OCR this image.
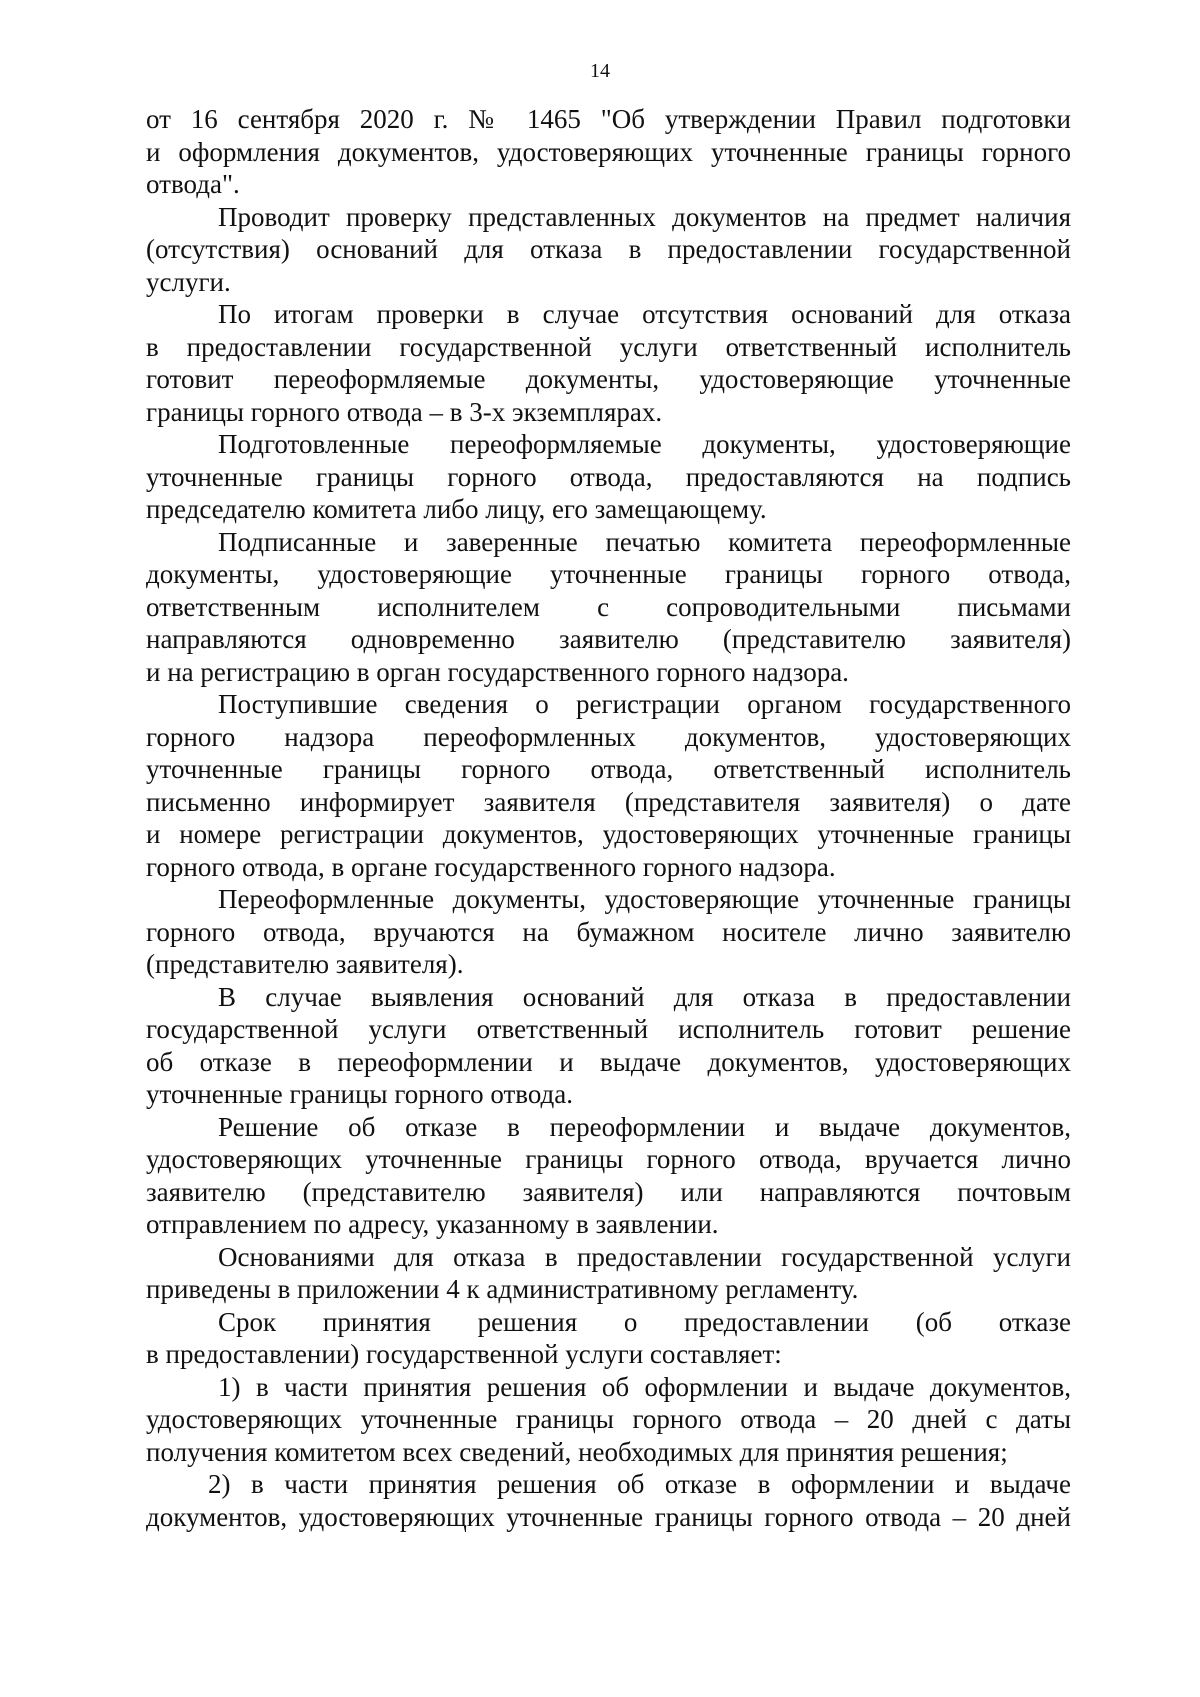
14
от 16 сентября 2020 г. № 1465 "Об утверждении Правил подготовки
и оформления документов, удостоверяющих уточненные границы горного
отвода".
Проводит проверку представленных документов на предмет наличия
(отсутствия) оснований для отказа в предоставлении государственной
услуги.
По итогам проверки в случае отсутствия оснований для отказа
в предоставлении государственной услуги ответственный исполнитель
готовит переоформляемые документы, удостоверяющие уточненные
границы горного отвода – в 3-х экземплярах.
Подготовленные переоформляемые документы, удостоверяющие
уточненные границы горного отвода, предоставляются на подпись
председателю комитета либо лицу, его замещающему.
Подписанные и заверенные печатью комитета переоформленные
документы, удостоверяющие уточненные границы горного отвода,
ответственным исполнителем с сопроводительными письмами
направляются одновременно заявителю (представителю заявителя)
и на регистрацию в орган государственного горного надзора.
Поступившие сведения о регистрации органом государственного
горного надзора переоформленных документов, удостоверяющих
уточненные границы горного отвода, ответственный исполнитель
письменно информирует заявителя (представителя заявителя) о дате
и номере регистрации документов, удостоверяющих уточненные границы
горного отвода, в органе государственного горного надзора.
Переоформленные документы, удостоверяющие уточненные границы
горного отвода, вручаются на бумажном носителе лично заявителю
(представителю заявителя).
В случае выявления оснований для отказа в предоставлении
государственной услуги ответственный исполнитель готовит решение
об отказе в переоформлении и выдаче документов, удостоверяющих
уточненные границы горного отвода.
Решение об отказе в переоформлении и выдаче документов,
удостоверяющих уточненные границы горного отвода, вручается лично
заявителю (представителю заявителя) или направляются почтовым
отправлением по адресу, указанному в заявлении.
Основаниями для отказа в предоставлении государственной услуги
приведены в приложении 4 к административному регламенту.
Срок принятия решения о предоставлении (об отказе
в предоставлении) государственной услуги составляет:
1) в части принятия решения об оформлении и выдаче документов,
удостоверяющих уточненные границы горного отвода – 20 дней с даты
получения комитетом всех сведений, необходимых для принятия решения;
2) в части принятия решения об отказе в оформлении и выдаче
документов, удостоверяющих уточненные границы горного отвода – 20 дней
